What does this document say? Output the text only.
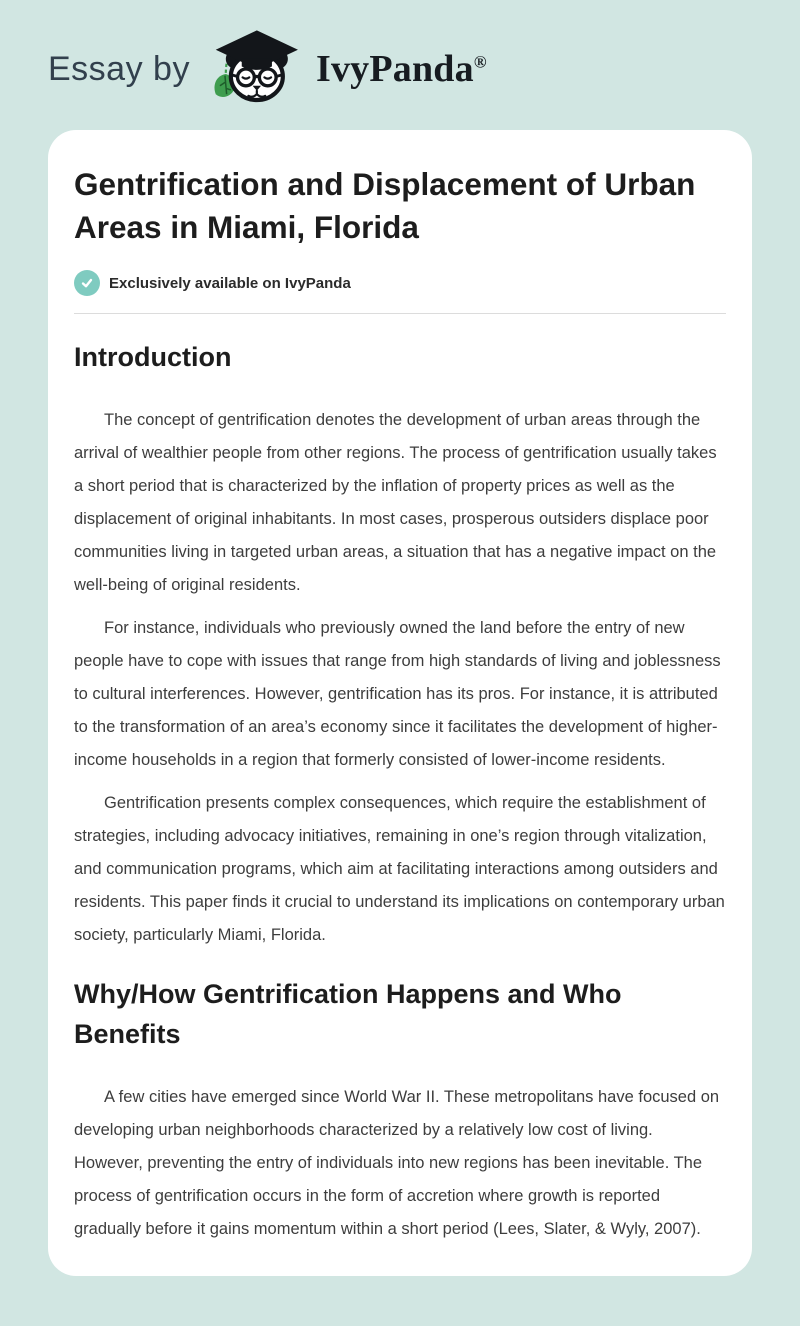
Essay by	IvyPanda®
Gentrification and Displacement of Urban Areas in Miami, Florida
Exclusively available on IvyPanda
Introduction

The concept of gentrification denotes the development of urban areas through the arrival of wealthier people from other regions. The process of gentrification usually takes a short period that is characterized by the inflation of property prices as well as the displacement of original inhabitants. In most cases, prosperous outsiders displace poor communities living in targeted urban areas, a situation that has a negative impact on the well-being of original residents.

For instance, individuals who previously owned the land before the entry of new people have to cope with issues that range from high standards of living and joblessness to cultural interferences. However, gentrification has its pros. For instance, it is attributed to the transformation of an area’s economy since it facilitates the development of higher-income households in a region that formerly consisted of lower-income residents.

Gentrification presents complex consequences, which require the establishment of strategies, including advocacy initiatives, remaining in one’s region through vitalization, and communication programs, which aim at facilitating interactions among outsiders and residents. This paper finds it crucial to understand its implications on contemporary urban society, particularly Miami, Florida.

Why/How Gentrification Happens and Who Benefits

A few cities have emerged since World War II. These metropolitans have focused on developing urban neighborhoods characterized by a relatively low cost of living. However, preventing the entry of individuals into new regions has been inevitable. The process of gentrification occurs in the form of accretion where growth is reported gradually before it gains momentum within a short period (Lees, Slater, & Wyly, 2007).
